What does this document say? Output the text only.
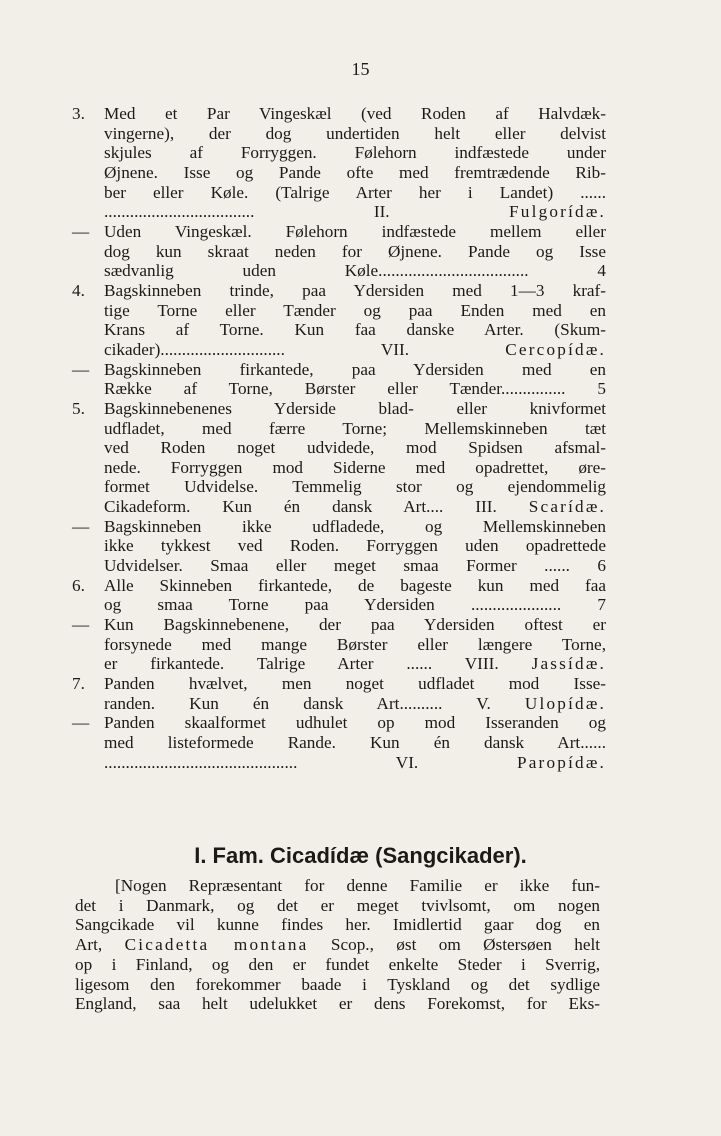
15
3. Med et Par Vingeskæl (ved Roden af Halvdæk-
vingerne), der dog undertiden helt eller delvist
skjules af Forryggen. Følehorn indfæstede under
Øjnene. Isse og Pande ofte med fremtrædende Rib-
ber eller Køle. (Talrige Arter her i Landet) ......
...................................	II.	Fulgorídæ.
— Uden Vingeskæl. Følehorn indfæstede mellem eller
dog kun skraat neden for Øjnene. Pande og Isse
sædvanlig uden Køle...................................	4
4. Bagskinneben trinde, paa Ydersiden med 1—3 kraf-
tige Torne eller Tænder og paa Enden med en
Krans af Torne. Kun faa danske Arter. (Skum-
cikader).............................	VII.	Cercopídæ.
— Bagskinneben firkantede, paa Ydersiden med en
Række af Torne, Børster eller Tænder............... 5
5. Bagskinnebenenes Yderside blad- eller knivformet
udfladet, med færre Torne; Mellemskinneben tæt
ved Roden noget udvidede, mod Spidsen afsmal-
nede. Forryggen mod Siderne med opadrettet, øre-
formet Udvidelse. Temmelig stor og ejendommelig
Cikadeform. Kun én dansk Art.... III. Scarídæ.
— Bagskinneben ikke udfladede, og Mellemskinneben
ikke tykkest ved Roden. Forryggen uden opadrettede
Udvidelser. Smaa eller meget smaa Former ...... 6
6. Alle Skinneben firkantede, de bageste kun med faa
og smaa Torne paa Ydersiden ..................... 7
— Kun Bagskinnebenene, der paa Ydersiden oftest er
forsynede med mange Børster eller længere Torne,
er firkantede. Talrige Arter ...... VIII. Jassídæ.
7. Panden hvælvet, men noget udfladet mod Isse-
randen. Kun én dansk Art.......... V. Ulopídæ.
— Panden skaalformet udhulet op mod Isseranden og
med listeformede Rande. Kun én dansk Art......
.............................................	VI.	Paropídæ.
I. Fam. Cicadídæ (Sangcikader).
[Nogen Repræsentant for denne Familie er ikke fun-
det i Danmark, og det er meget tvivlsomt, om nogen
Sangcikade vil kunne findes her. Imidlertid gaar dog en
Art, Cicadetta montana Scop., øst om Østersøen helt
op i Finland, og den er fundet enkelte Steder i Sverrig,
ligesom den forekommer baade i Tyskland og det sydlige
England, saa helt udelukket er dens Forekomst, for Eks-
